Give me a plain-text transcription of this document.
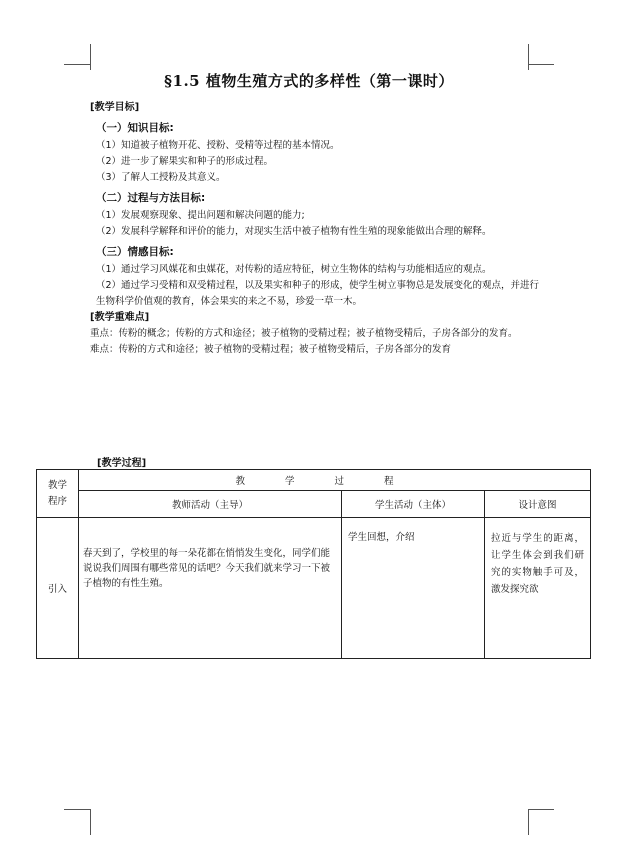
§1.5 植物生殖方式的多样性（第一课时）

[教学目标]

（一）知识目标:

（1）知道被子植物开花、授粉、受精等过程的基本情况。

（2）进一步了解果实和种子的形成过程。

（3）了解人工授粉及其意义。

（二）过程与方法目标:

（1）发展观察现象、提出问题和解决问题的能力;

（2）发展科学解释和评价的能力，对现实生活中被子植物有性生殖的现象能做出合理的解释。

（三）情感目标:

（1）通过学习风媒花和虫媒花，对传粉的适应特征，树立生物体的结构与功能相适应的观点。

（2）通过学习受精和双受精过程，以及果实和种子的形成，使学生树立事物总是发展变化的观点，并进行生物科学价值观的教育，体会果实的来之不易，珍爱一草一木。

[教学重难点]

重点：传粉的概念；传粉的方式和途径；被子植物的受精过程；被子植物受精后，子房各部分的发育。

难点：传粉的方式和途径；被子植物的受精过程；被子植物受精后，子房各部分的发育

[教学过程]
教学程序	教学过程		
	教师活动（主导）	学生活动（主体）	设计意图
引入	春天到了，学校里的每一朵花都在悄悄发生变化，同学们能说说我们周围有哪些常见的话吧？今天我们就来学习一下被子植物的有性生殖。	学生回想，介绍	拉近与学生的距离，让学生体会到我们研究的实物触手可及，激发探究欲
